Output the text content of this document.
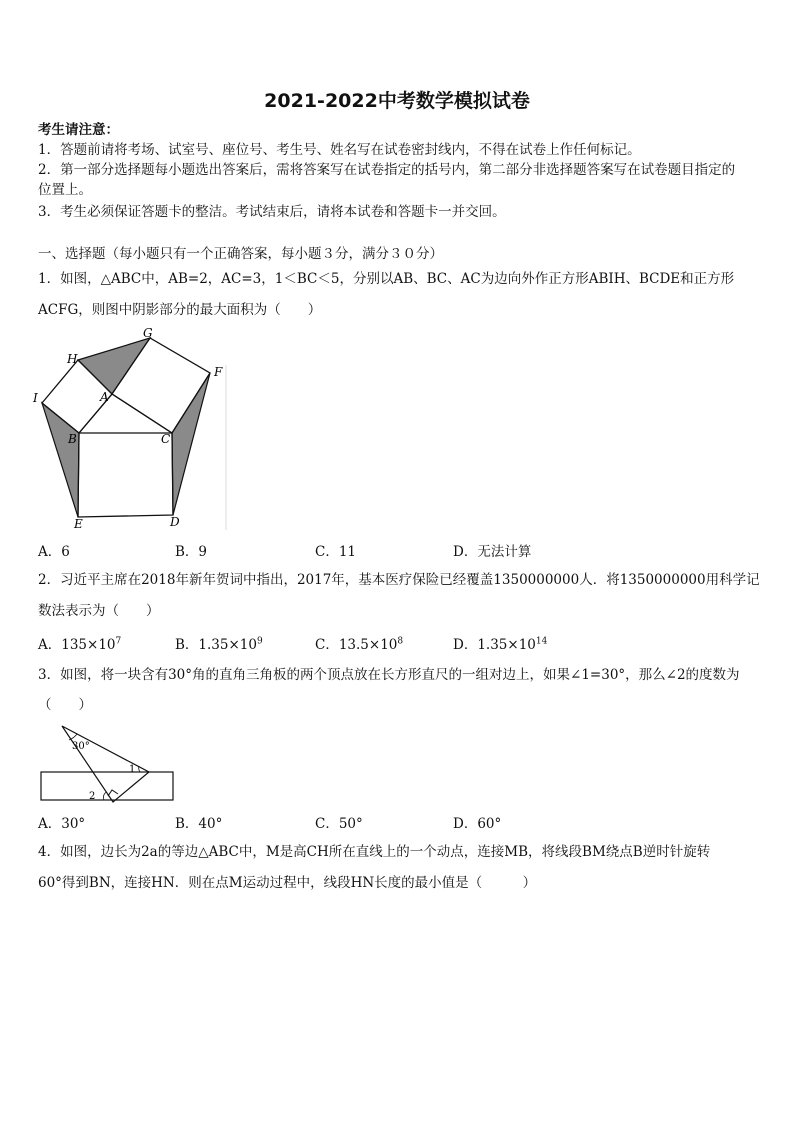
2021-2022中考数学模拟试卷
考生请注意：
1．答题前请将考场、试室号、座位号、考生号、姓名写在试卷密封线内，不得在试卷上作任何标记。
2．第一部分选择题每小题选出答案后，需将答案写在试卷指定的括号内，第二部分非选择题答案写在试卷题目指定的
位置上。
3．考生必须保证答题卡的整洁。考试结束后，请将本试卷和答题卡一并交回。
一、选择题（每小题只有一个正确答案，每小题３分，满分３０分）
1．如图，△ABC中，AB=2，AC=3，1＜BC＜5，分别以AB、BC、AC为边向外作正方形ABIH、BCDE和正方形
ACFG，则图中阴影部分的最大面积为（　　）
G
H
F
I	A
B	C
E	D
A．6	B．9	C．11	D．无法计算
2．习近平主席在2018年新年贺词中指出，2017年，基本医疗保险已经覆盖1350000000人．将1350000000用科学记
数法表示为（　　）
A．$135\times 10^7$	B．$1.35\times 10^9$	C．$13.5\times 10^8$	D．$1.35\times 10^{14}$
3．如图，将一块含有30°角的直角三角板的两个顶点放在长方形直尺的一组对边上，如果∠1=30°，那么∠2的度数为
（　　）
30°
1
2
A．30°	B．40°	C．50°	D．60°
4．如图，边长为2a的等边△ABC中，M是高CH所在直线上的一个动点，连接MB，将线段BM绕点B逆时针旋转
60°得到BN，连接HN．则在点M运动过程中，线段HN长度的最小值是（　　　）
